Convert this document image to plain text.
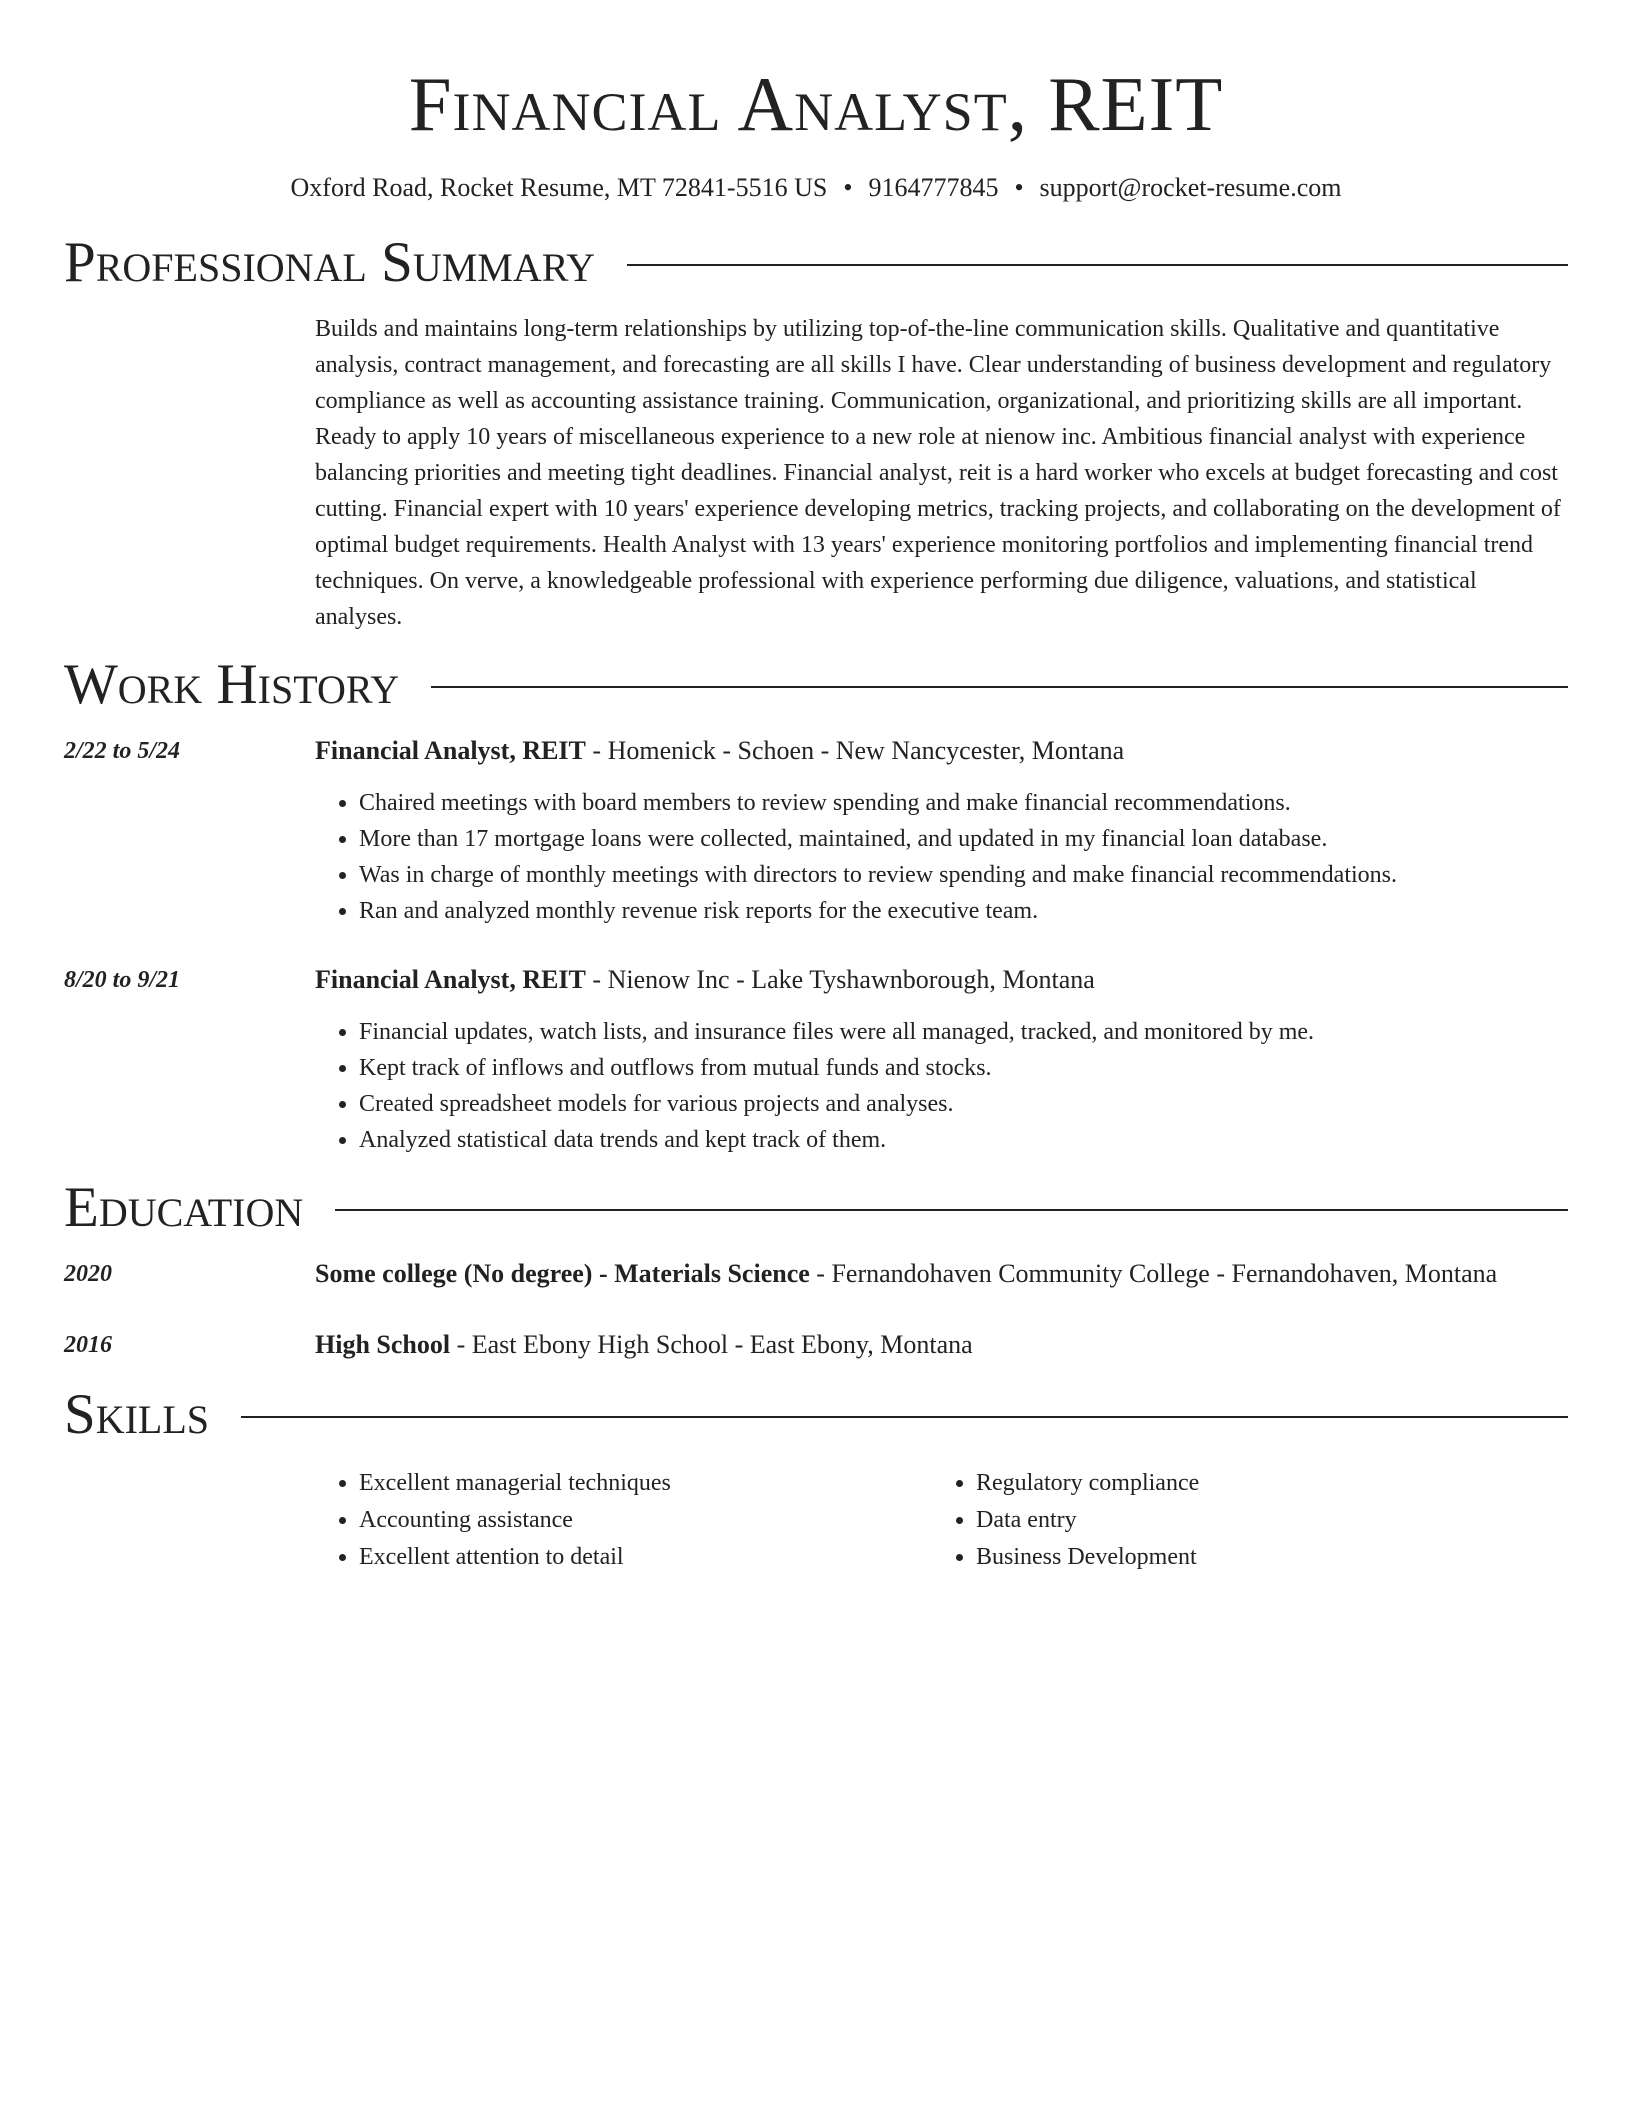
Financial Analyst, REIT
Oxford Road, Rocket Resume, MT 72841-5516 US • 9164777845 • support@rocket-resume.com
Professional Summary

Builds and maintains long-term relationships by utilizing top-of-the-line communication skills. Qualitative and quantitative analysis, contract management, and forecasting are all skills I have. Clear understanding of business development and regulatory compliance as well as accounting assistance training. Communication, organizational, and prioritizing skills are all important. Ready to apply 10 years of miscellaneous experience to a new role at nienow inc. Ambitious financial analyst with experience balancing priorities and meeting tight deadlines. Financial analyst, reit is a hard worker who excels at budget forecasting and cost cutting. Financial expert with 10 years' experience developing metrics, tracking projects, and collaborating on the development of optimal budget requirements. Health Analyst with 13 years' experience monitoring portfolios and implementing financial trend techniques. On verve, a knowledgeable professional with experience performing due diligence, valuations, and statistical analyses.

Work History
2/22 to 5/24	Financial Analyst, REIT - Homenick - Schoen - New Nancycester, Montana
• Chaired meetings with board members to review spending and make financial recommendations.
• More than 17 mortgage loans were collected, maintained, and updated in my financial loan database.
• Was in charge of monthly meetings with directors to review spending and make financial recommendations.
• Ran and analyzed monthly revenue risk reports for the executive team.
8/20 to 9/21	Financial Analyst, REIT - Nienow Inc - Lake Tyshawnborough, Montana
• Financial updates, watch lists, and insurance files were all managed, tracked, and monitored by me.
• Kept track of inflows and outflows from mutual funds and stocks.
• Created spreadsheet models for various projects and analyses.
• Analyzed statistical data trends and kept track of them.
Education
2020	Some college (No degree) - Materials Science - Fernandohaven Community College - Fernandohaven, Montana
2016	High School - East Ebony High School - East Ebony, Montana
Skills
• Excellent managerial techniques
• Accounting assistance
• Excellent attention to detail
• Regulatory compliance
• Data entry
• Business Development
